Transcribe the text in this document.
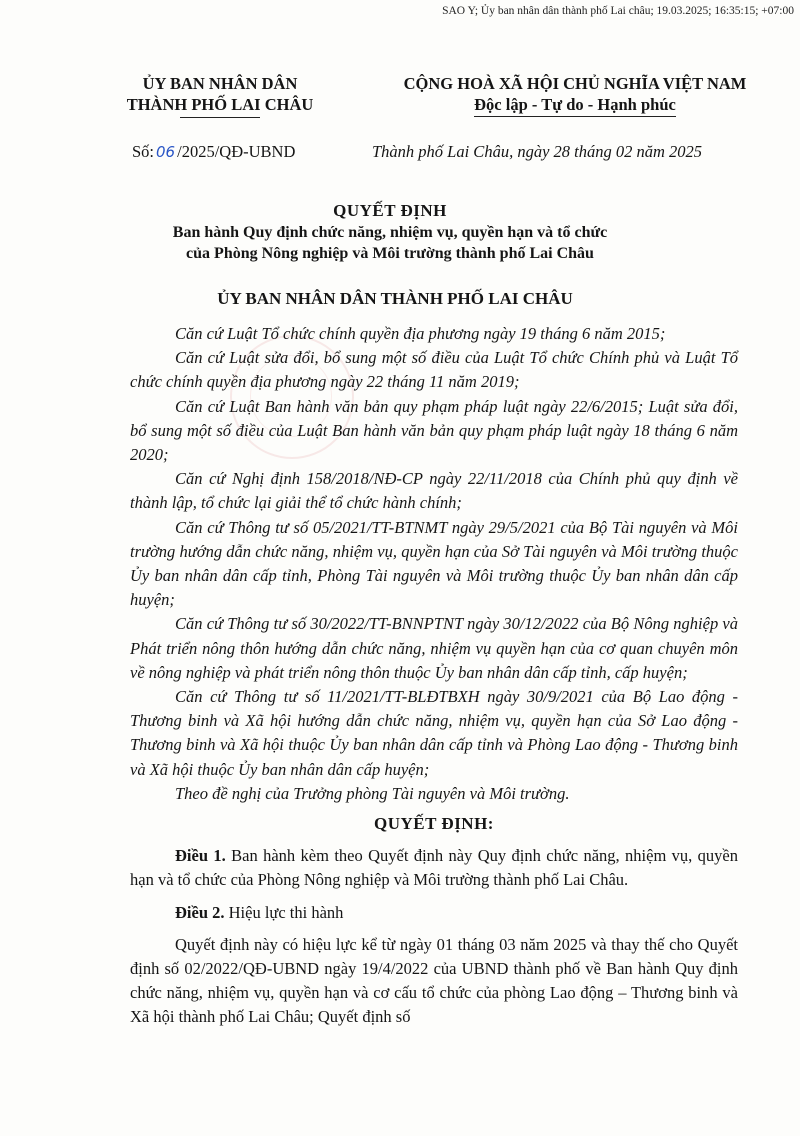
SAO Y; Ủy ban nhân dân thành phố Lai châu; 19.03.2025; 16:35:15; +07:00
ỦY BAN NHÂN DÂN
THÀNH PHỐ LAI CHÂU
CỘNG HOÀ XÃ HỘI CHỦ NGHĨA VIỆT NAM
Độc lập - Tự do - Hạnh phúc
Số: 06 /2025/QĐ-UBND	Thành phố Lai Châu, ngày 28 tháng 02 năm 2025
QUYẾT ĐỊNH
Ban hành Quy định chức năng, nhiệm vụ, quyền hạn và tổ chức
của Phòng Nông nghiệp và Môi trường thành phố Lai Châu
ỦY BAN NHÂN DÂN THÀNH PHỐ LAI CHÂU

Căn cứ Luật Tổ chức chính quyền địa phương ngày 19 tháng 6 năm 2015;

Căn cứ Luật sửa đổi, bổ sung một số điều của Luật Tổ chức Chính phủ và Luật Tổ chức chính quyền địa phương ngày 22 tháng 11 năm 2019;

Căn cứ Luật Ban hành văn bản quy phạm pháp luật ngày 22/6/2015; Luật sửa đổi, bổ sung một số điều của Luật Ban hành văn bản quy phạm pháp luật ngày 18 tháng 6 năm 2020;

Căn cứ Nghị định 158/2018/NĐ-CP ngày 22/11/2018 của Chính phủ quy định về thành lập, tổ chức lại giải thể tổ chức hành chính;

Căn cứ Thông tư số 05/2021/TT-BTNMT ngày 29/5/2021 của Bộ Tài nguyên và Môi trường hướng dẫn chức năng, nhiệm vụ, quyền hạn của Sở Tài nguyên và Môi trường thuộc Ủy ban nhân dân cấp tỉnh, Phòng Tài nguyên và Môi trường thuộc Ủy ban nhân dân cấp huyện;

Căn cứ Thông tư số 30/2022/TT-BNNPTNT ngày 30/12/2022 của Bộ Nông nghiệp và Phát triển nông thôn hướng dẫn chức năng, nhiệm vụ quyền hạn của cơ quan chuyên môn về nông nghiệp và phát triển nông thôn thuộc Ủy ban nhân dân cấp tỉnh, cấp huyện;

Căn cứ Thông tư số 11/2021/TT-BLĐTBXH ngày 30/9/2021 của Bộ Lao động - Thương binh và Xã hội hướng dẫn chức năng, nhiệm vụ, quyền hạn của Sở Lao động - Thương binh và Xã hội thuộc Ủy ban nhân dân cấp tỉnh và Phòng Lao động - Thương binh và Xã hội thuộc Ủy ban nhân dân cấp huyện;

Theo đề nghị của Trưởng phòng Tài nguyên và Môi trường.

QUYẾT ĐỊNH:

Điều 1. Ban hành kèm theo Quyết định này Quy định chức năng, nhiệm vụ, quyền hạn và tổ chức của Phòng Nông nghiệp và Môi trường thành phố Lai Châu.

Điều 2. Hiệu lực thi hành

Quyết định này có hiệu lực kể từ ngày 01 tháng 03 năm 2025 và thay thế cho Quyết định số 02/2022/QĐ-UBND ngày 19/4/2022 của UBND thành phố về Ban hành Quy định chức năng, nhiệm vụ, quyền hạn và cơ cấu tổ chức của phòng Lao động – Thương binh và Xã hội thành phố Lai Châu; Quyết định số
